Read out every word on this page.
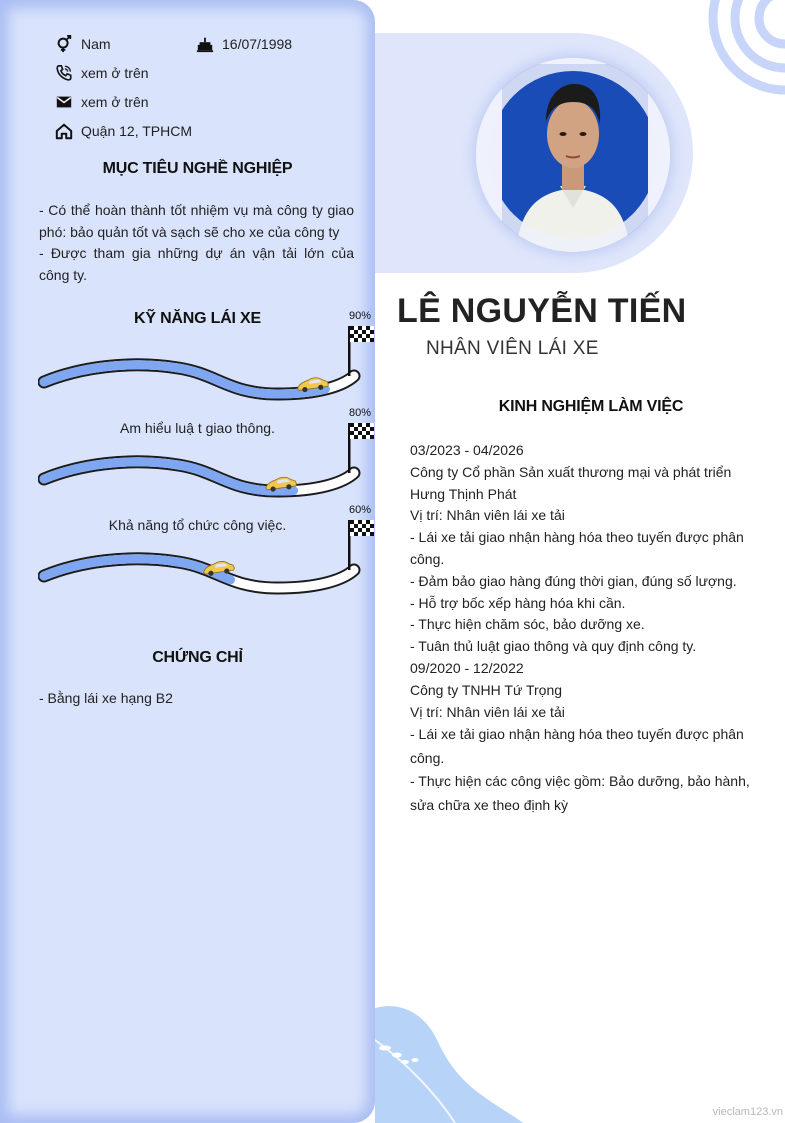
Nam	16/07/1998
xem ở trên
xem ở trên
Quận 12, TPHCM
MỤC TIÊU NGHỀ NGHIỆP
- Có thể hoàn thành tốt nhiệm vụ mà công ty giao phó: bảo quản tốt và sạch sẽ cho xe của công ty
- Được tham gia những dự án vận tải lớn của công ty.
KỸ NĂNG LÁI XE	90%
Am hiểu luậ t giao thông.
80%
Khả năng tổ chức công việc.
60%
CHỨNG CHỈ
- Bằng lái xe hạng B2
LÊ NGUYỄN TIẾN
NHÂN VIÊN LÁI XE
KINH NGHIỆM LÀM VIỆC
03/2023 - 04/2026
Công ty Cổ phần Sản xuất thương mại và phát triển Hưng Thịnh Phát
Vị trí: Nhân viên lái xe tải
- Lái xe tải giao nhận hàng hóa theo tuyến được phân công.
- Đảm bảo giao hàng đúng thời gian, đúng số lượng.
- Hỗ trợ bốc xếp hàng hóa khi cần.
- Thực hiện chăm sóc, bảo dưỡng xe.
- Tuân thủ luật giao thông và quy định công ty.
09/2020 - 12/2022
Công ty TNHH Tứ Trọng
Vị trí: Nhân viên lái xe tải
- Lái xe tải giao nhận hàng hóa theo tuyến được phân công.
- Thực hiện các công việc gồm: Bảo dưỡng, bảo hành, sửa chữa xe theo định kỳ
vieclam123.vn
